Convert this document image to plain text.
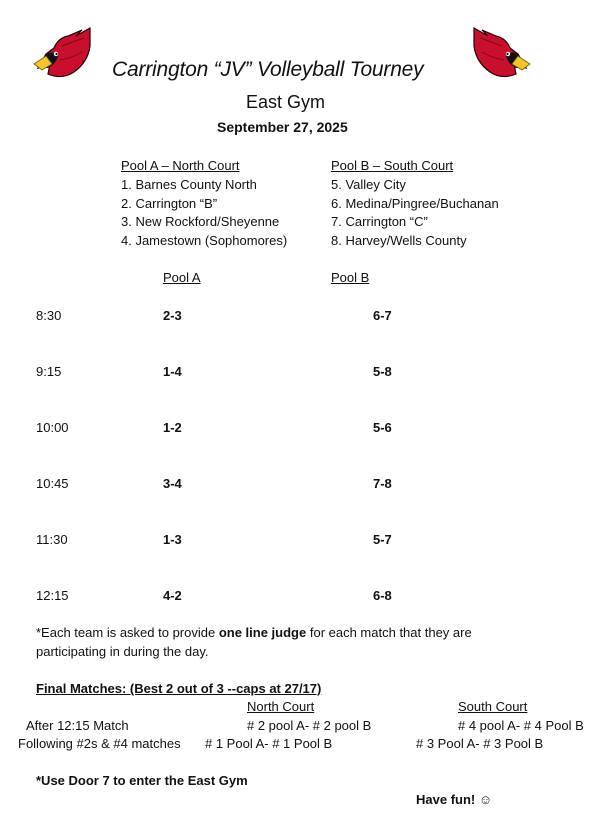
Carrington “JV” Volleyball Tourney
East Gym
September 27, 2025
Pool A – North Court
1. Barnes County North
2. Carrington “B”
3. New Rockford/Sheyenne
4. Jamestown (Sophomores)
Pool B – South Court
5. Valley City
6. Medina/Pingree/Buchanan
7. Carrington “C”
8. Harvey/Wells County
Pool A	Pool B
8:30	2-3	6-7
9:15	1-4	5-8
10:00	1-2	5-6
10:45	3-4	7-8
11:30	1-3	5-7
12:15	4-2	6-8
*Each team is asked to provide one line judge for each match that they are
participating in during the day.
Final Matches: (Best 2 out of 3 --caps at 27/17)
North Court	South Court
After 12:15 Match	# 2 pool A- # 2 pool B	# 4 pool A- # 4 Pool B
Following #2s & #4 matches # 1 Pool A- # 1 Pool B	# 3 Pool A- # 3 Pool B
*Use Door 7 to enter the East Gym
Have fun! ☺
